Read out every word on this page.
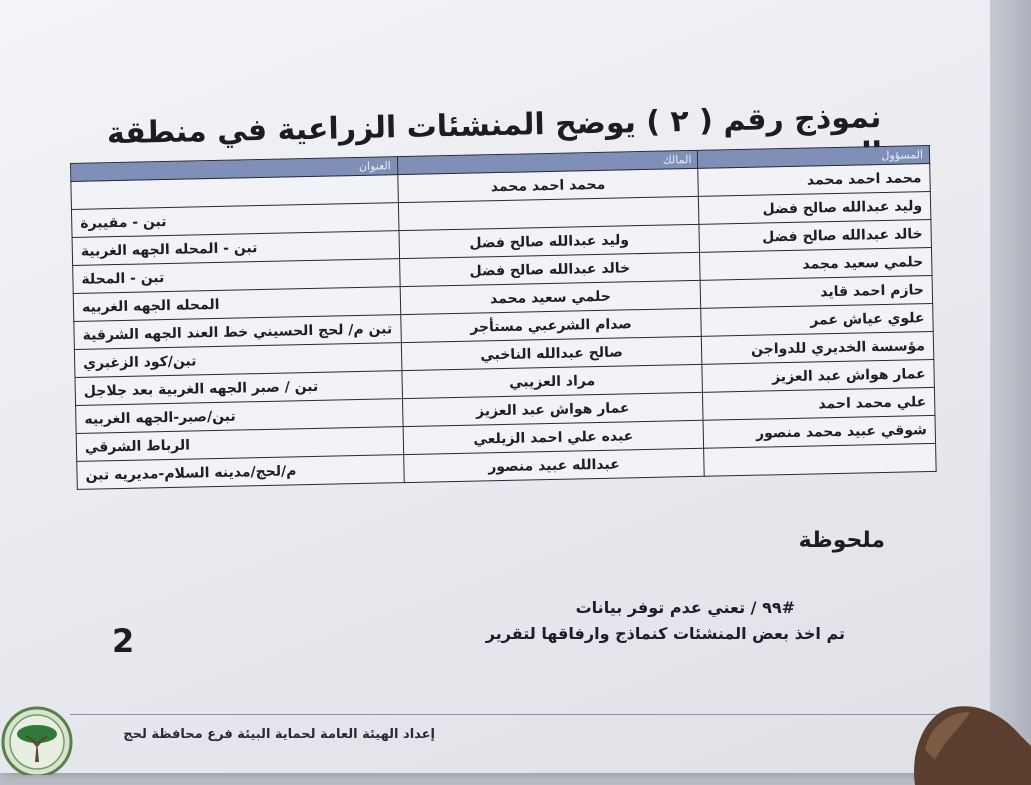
نموذج رقم ( ٢ ) يوضح المنشئات الزراعية في منطقة
المسؤول	المالك	العنوان
محمد احمد محمد	محمد احمد محمد	
وليد عبدالله صالح فضل		تبن - مقيبرة
خالد عبدالله صالح فضل	وليد عبدالله صالح فضل	تبن - المحله الجهه الغربية
حلمي سعيد مجمد	خالد عبدالله صالح فضل	تبن - المحلة
حازم احمد قايد	حلمي سعيد محمد	المحله الجهه الغربيه
علوي عياش عمر	صدام الشرعبي مستأجر	تبن م/ لحج الحسيني خط العند الجهه الشرقية
مؤسسة الخديري للدواجن	صالح عبدالله الناخبي	تبن/كود الزغبري
عمار هواش عبد العزيز	مراد العزيبي	تبن / صبر الجهه الغربية بعد جلاجل
علي محمد احمد	عمار هواش عبد العزيز	تبن/صبر-الجهه الغربيه
شوقي عبيد محمد منصور	عبده علي احمد الزيلعي	الرباط الشرقي
	عبدالله عبيد منصور	م/لحج/مدينه السلام-مديريه تبن
ملحوظة
#٩٩ / تعني عدم توفر بيانات
تم اخذ بعض المنشئات كنماذج وارفاقها لتقرير
2
إعداد الهيئة العامة لحماية البيئة فرع محافظة لحج
